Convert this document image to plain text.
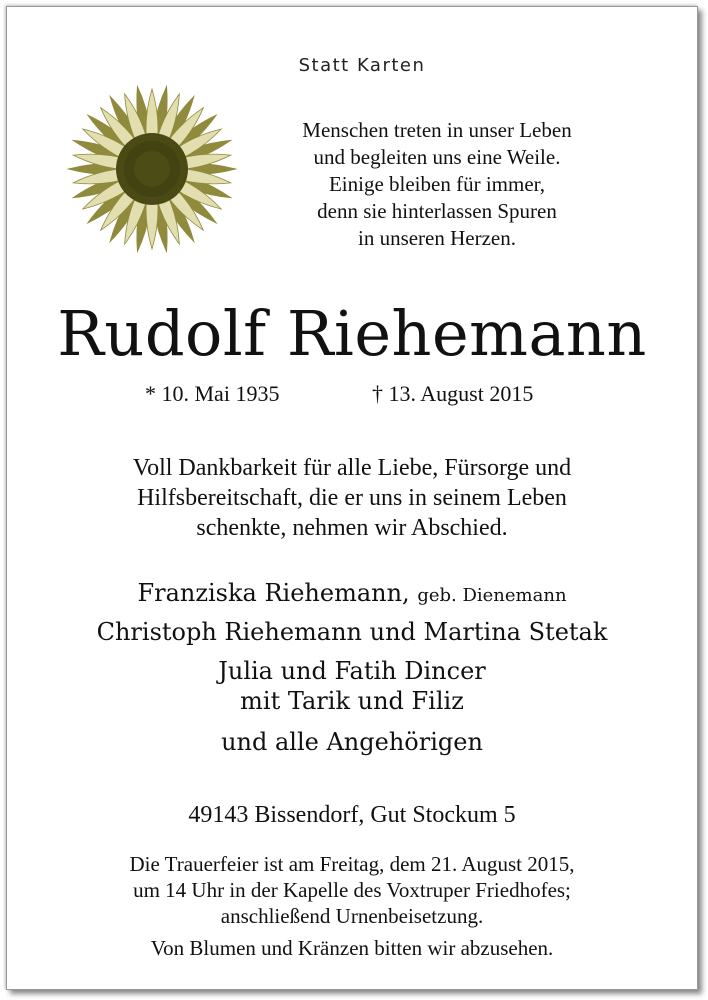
Statt Karten
Menschen treten in unser Leben
und begleiten uns eine Weile.
Einige bleiben für immer,
denn sie hinterlassen Spuren
in unseren Herzen.
Rudolf Riehemann
* 10. Mai 1935	† 13. August 2015
Voll Dankbarkeit für alle Liebe, Fürsorge und
Hilfsbereitschaft, die er uns in seinem Leben
schenkte, nehmen wir Abschied.
Franziska Riehemann, geb. Dienemann
Christoph Riehemann und Martina Stetak
Julia und Fatih Dincer
mit Tarik und Filiz
und alle Angehörigen
49143 Bissendorf, Gut Stockum 5
Die Trauerfeier ist am Freitag, dem 21. August 2015,
um 14 Uhr in der Kapelle des Voxtruper Friedhofes;
anschließend Urnenbeisetzung.
Von Blumen und Kränzen bitten wir abzusehen.
